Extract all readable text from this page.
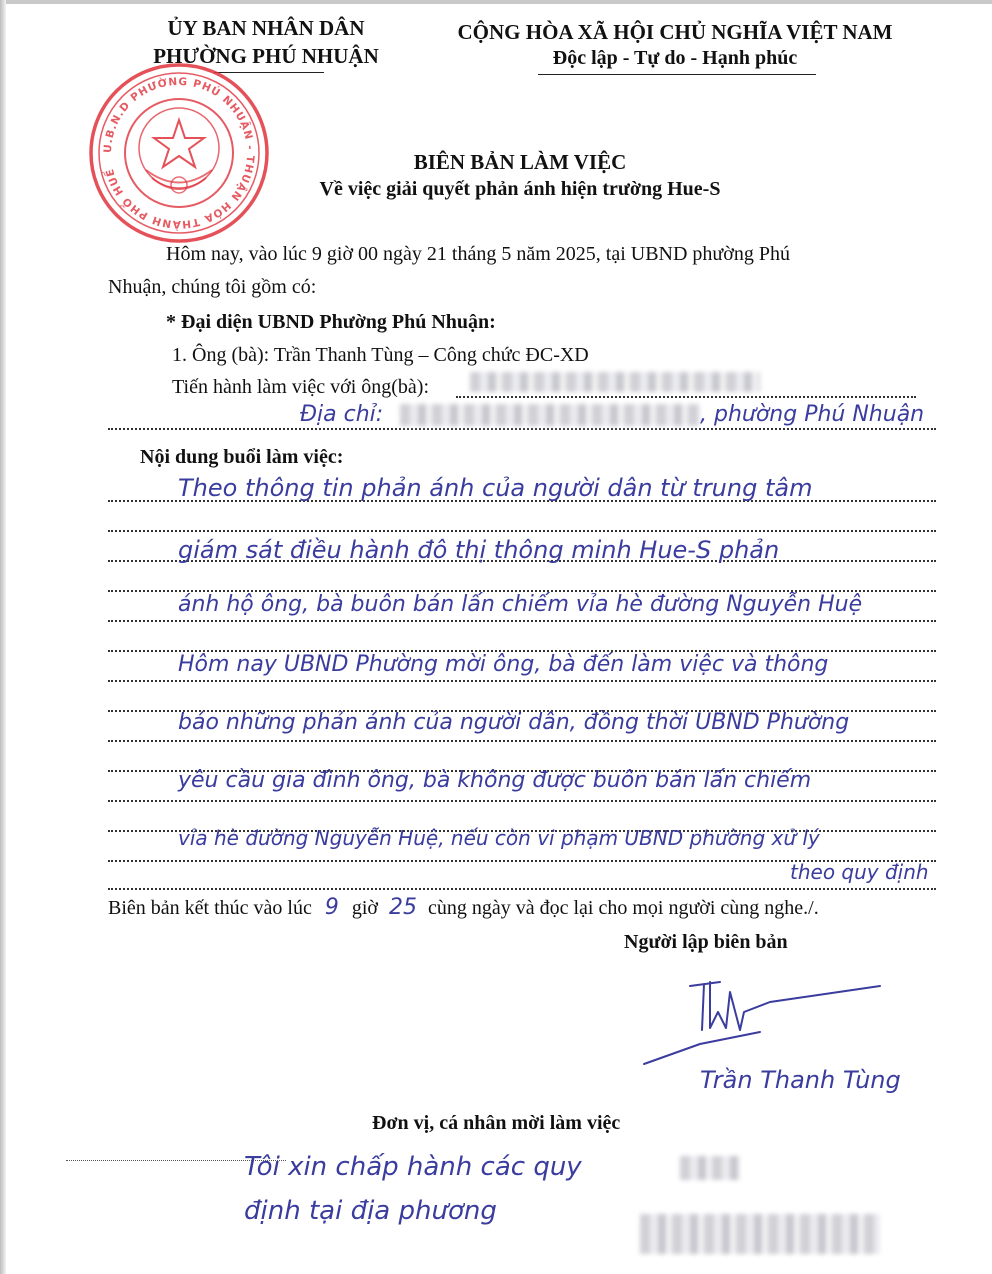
ỦY BAN NHÂN DÂN
PHƯỜNG PHÚ NHUẬN
CỘNG HÒA XÃ HỘI CHỦ NGHĨA VIỆT NAM
Độc lập - Tự do - Hạnh phúc
U.B.N.D PHƯỜNG PHÚ NHUẬN - THUẬN HÓA THÀNH PHỐ HUẾ	BIÊN BẢN LÀM VIỆC
Về việc giải quyết phản ánh hiện trường Hue-S
Hôm nay, vào lúc 9 giờ 00 ngày 21 tháng 5 năm 2025, tại UBND phường Phú
Nhuận, chúng tôi gồm có:
* Đại diện UBND Phường Phú Nhuận:
1. Ông (bà): Trần Thanh Tùng – Công chức ĐC-XD
Tiến hành làm việc với ông(bà):
Địa chỉ:	, phường Phú Nhuận
Nội dung buổi làm việc:
Theo thông tin phản ánh của người dân từ trung tâm
giám sát điều hành đô thị thông minh Hue-S phản
ánh hộ ông, bà buôn bán lấn chiếm vỉa hè đường Nguyễn Huệ
Hôm nay UBND Phường mời ông, bà đến làm việc và thông
báo những phản ánh của người dân, đồng thời UBND Phường
yêu cầu gia đình ông, bà không được buôn bán lấn chiếm
vỉa hè đường Nguyễn Huệ, nếu còn vi phạm UBND phường xử lý
theo quy định
Biên bản kết thúc vào lúc 9 giờ 25 cùng ngày và đọc lại cho mọi người cùng nghe./.
Người lập biên bản
Trần Thanh Tùng
Đơn vị, cá nhân mời làm việc
Tôi xin chấp hành các quy
định tại địa phương
